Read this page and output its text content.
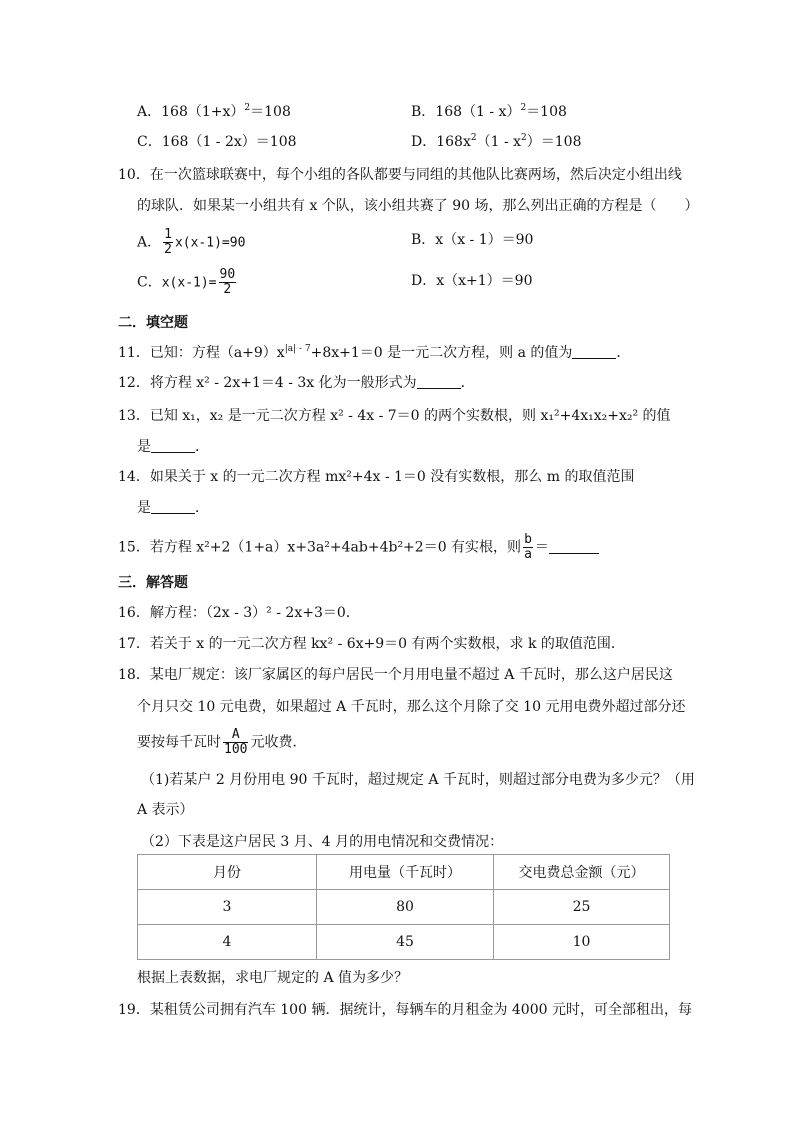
A．$168(1+x)^2=108$	B．168（1 - x）$^2$＝108
C．168（1 - 2x）＝108	D．$168x^2(1 - x^2)=108$
10．在一次篮球联赛中，每个小组的各队都要与同组的其他队比赛两场，然后决定小组出线
的球队．如果某一小组共有 x 个队，该小组共赛了 90 场，那么列出正确的方程是（　　）
A． $\frac{1}{2} x(x-1)=90$	B．x（x - 1）＝90
C．$x(x-1)= \frac{90}{2}$	D．x（x+1）＝90
二．填空题
11．已知：方程$(a+9)x^{|a| - 7}+8x+1=0$ 是一元二次方程，则 a 的值为	．
12．将方程 x² - 2x+1＝4 - 3x 化为一般形式为	．
13．已知 x₁，x₂ 是一元二次方程 x² - 4x - 7＝0 的两个实数根，则 x₁²+4x₁x₂+x₂² 的值
是	．
14．如果关于 x 的一元二次方程 mx²+4x - 1＝0 没有实数根，那么 m 的取值范围
是	．
15．若方程 x²+2（1+a）x+3a²+4ab+4b²+2＝0 有实根，则 $\frac{b}{a}$ ＝
三．解答题
16．解方程：（2x - 3）² - 2x+3＝0．
17．若关于 x 的一元二次方程 kx² - 6x+9＝0 有两个实数根，求 k 的取值范围．
18．某电厂规定：该厂家属区的每户居民一个月用电量不超过 A 千瓦时，那么这户居民这
个月只交 10 元电费，如果超过 A 千瓦时，那么这个月除了交 10 元用电费外超过部分还
要按每千瓦时 $\frac{A}{100}$ 元收费．
（1)若某户 2 月份用电 90 千瓦时，超过规定 A 千瓦时，则超过部分电费为多少元？（用
A 表示）
（2）下表是这户居民 3 月、4 月的用电情况和交费情况：
月份	用电量（千瓦时）	交电费总金额（元）
3	80	25
4	45	10
根据上表数据，求电厂规定的 A 值为多少？
19．某租赁公司拥有汽车 100 辆．据统计，每辆车的月租金为 4000 元时，可全部租出，每
